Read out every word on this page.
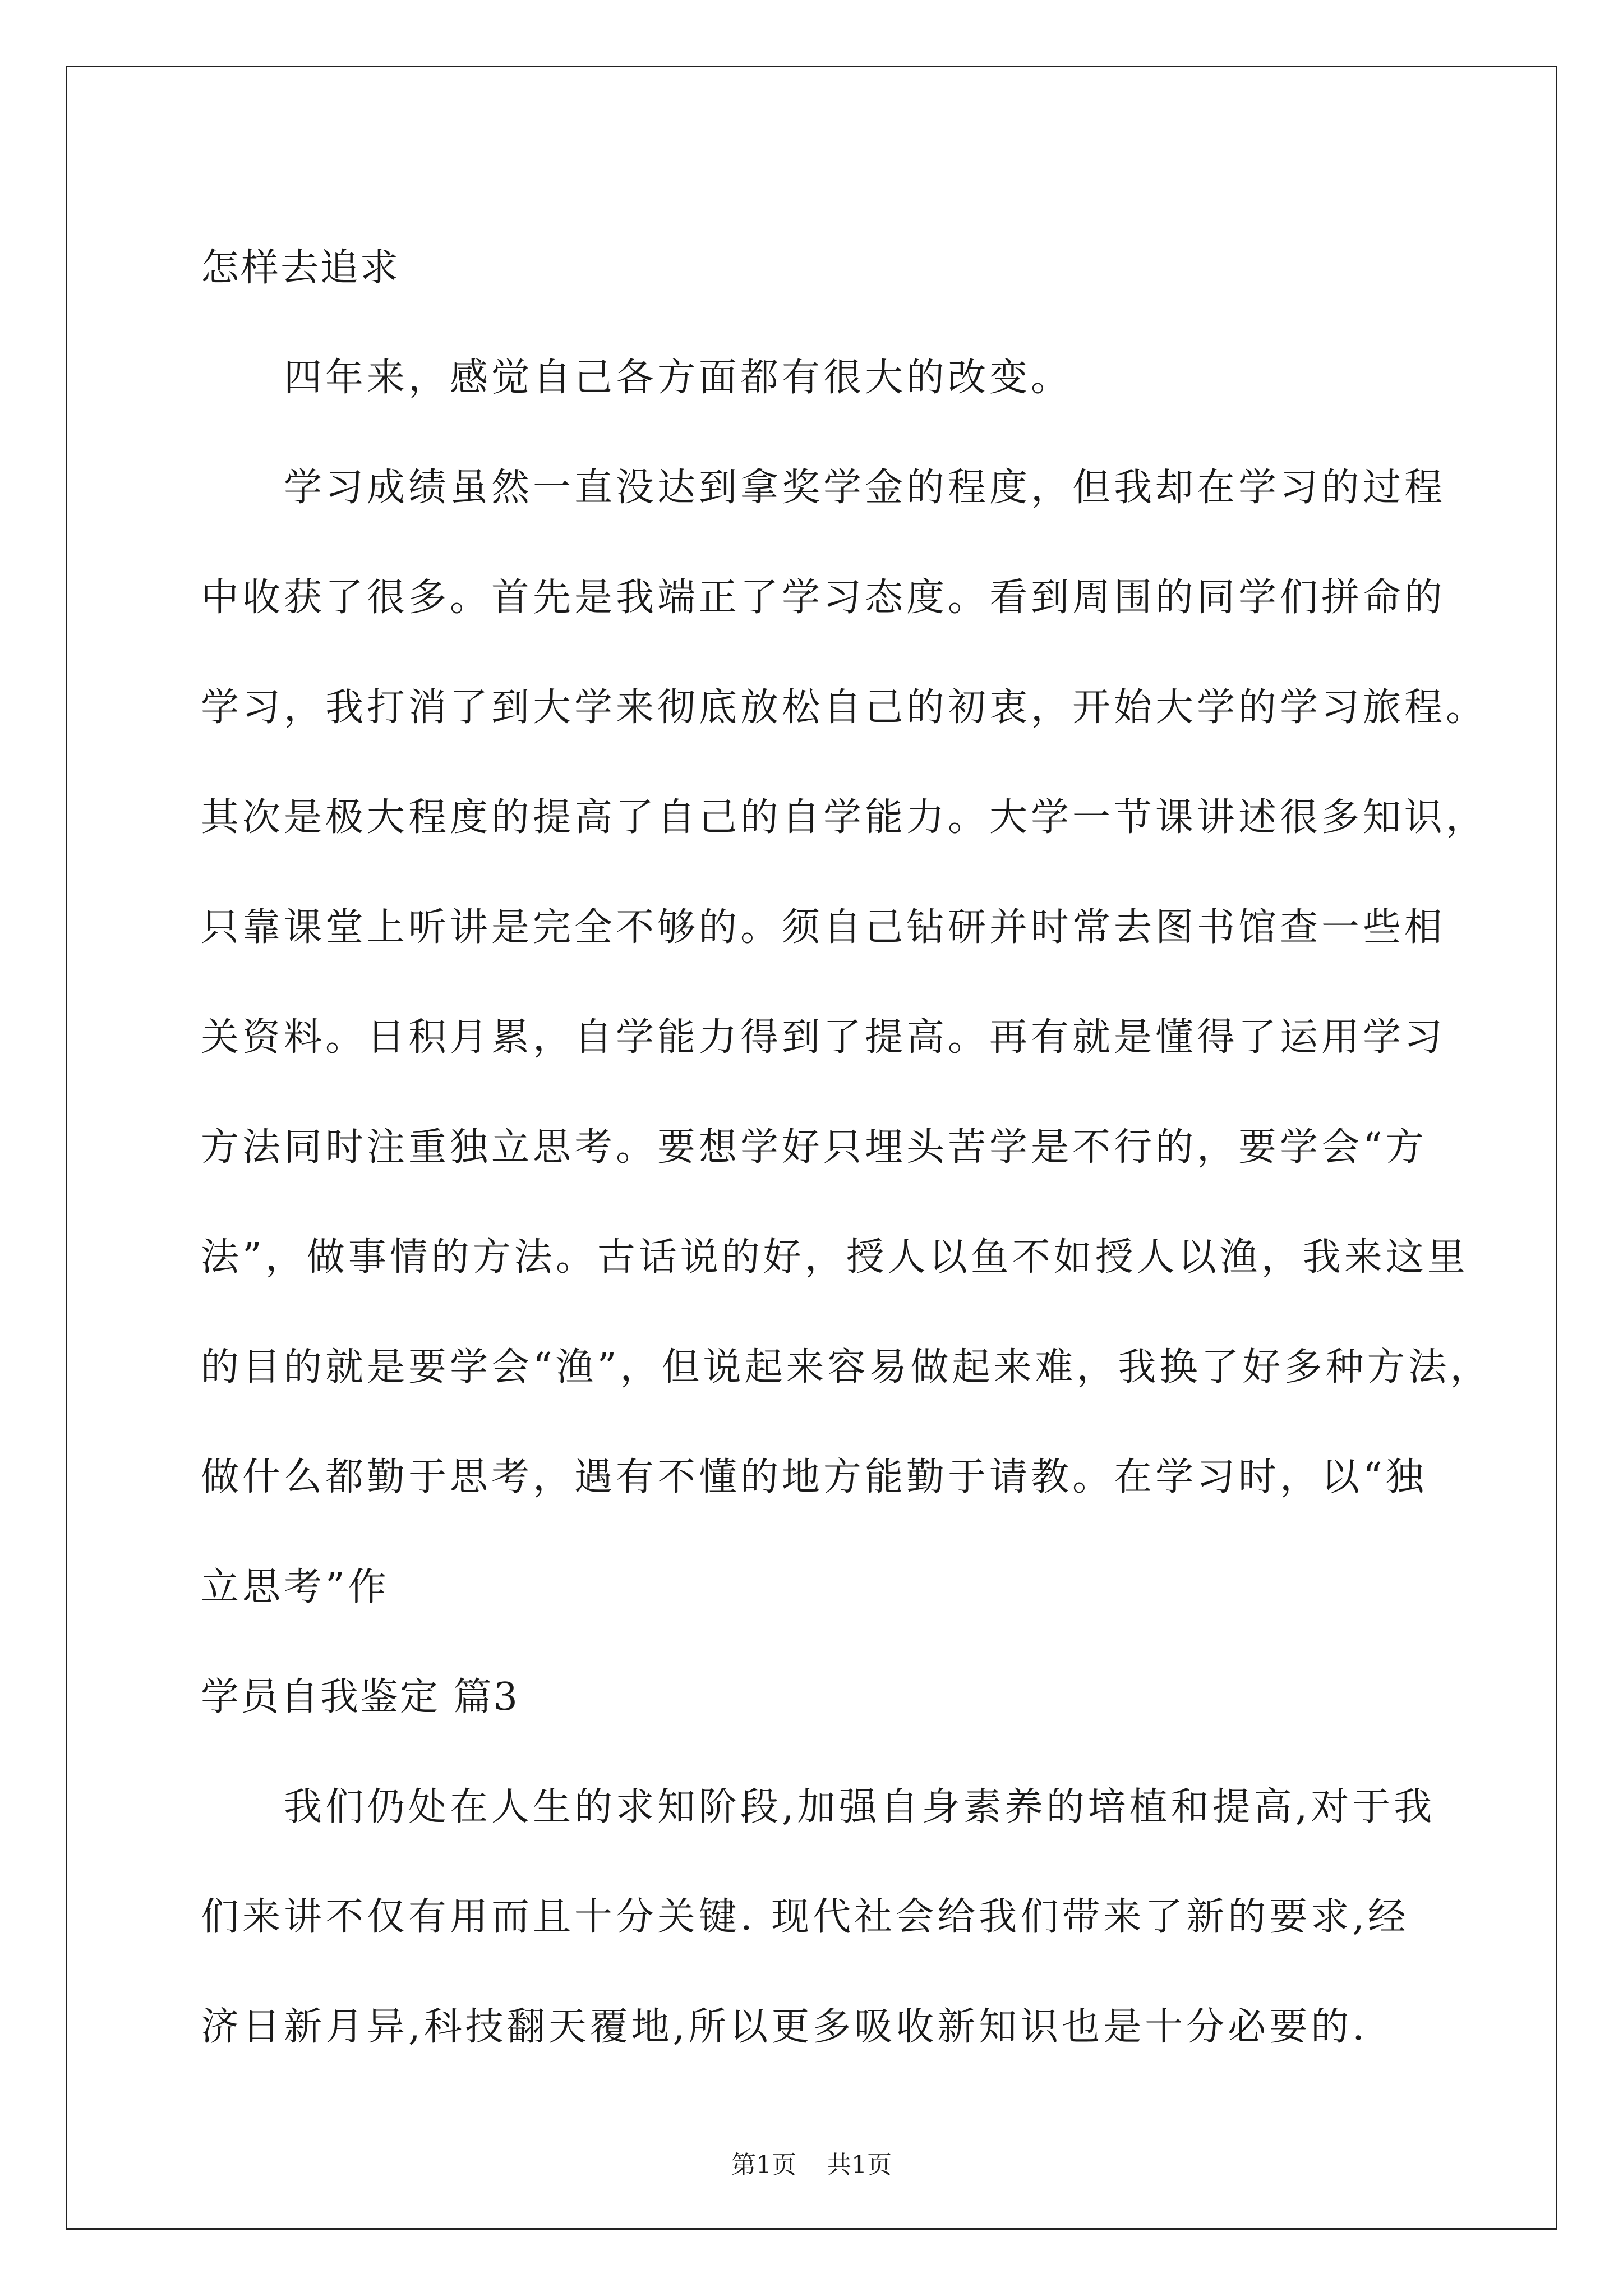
怎样去追求
四年来，感觉自己各方面都有很大的改变。
学习成绩虽然一直没达到拿奖学金的程度，但我却在学习的过程
中收获了很多。首先是我端正了学习态度。看到周围的同学们拼命的
学习，我打消了到大学来彻底放松自己的初衷，开始大学的学习旅程。
其次是极大程度的提高了自己的自学能力。大学一节课讲述很多知识，
只靠课堂上听讲是完全不够的。须自己钻研并时常去图书馆查一些相
关资料。日积月累，自学能力得到了提高。再有就是懂得了运用学习
方法同时注重独立思考。要想学好只埋头苦学是不行的，要学会“方
法”，做事情的方法。古话说的好，授人以鱼不如授人以渔，我来这里
的目的就是要学会“渔”，但说起来容易做起来难，我换了好多种方法，
做什么都勤于思考，遇有不懂的地方能勤于请教。在学习时，以“独
立思考”作
学员自我鉴定 篇3
我们仍处在人生的求知阶段,加强自身素养的培植和提高,对于我
们来讲不仅有用而且十分关键. 现代社会给我们带来了新的要求,经
济日新月异,科技翻天覆地,所以更多吸收新知识也是十分必要的.
第1页 共1页
